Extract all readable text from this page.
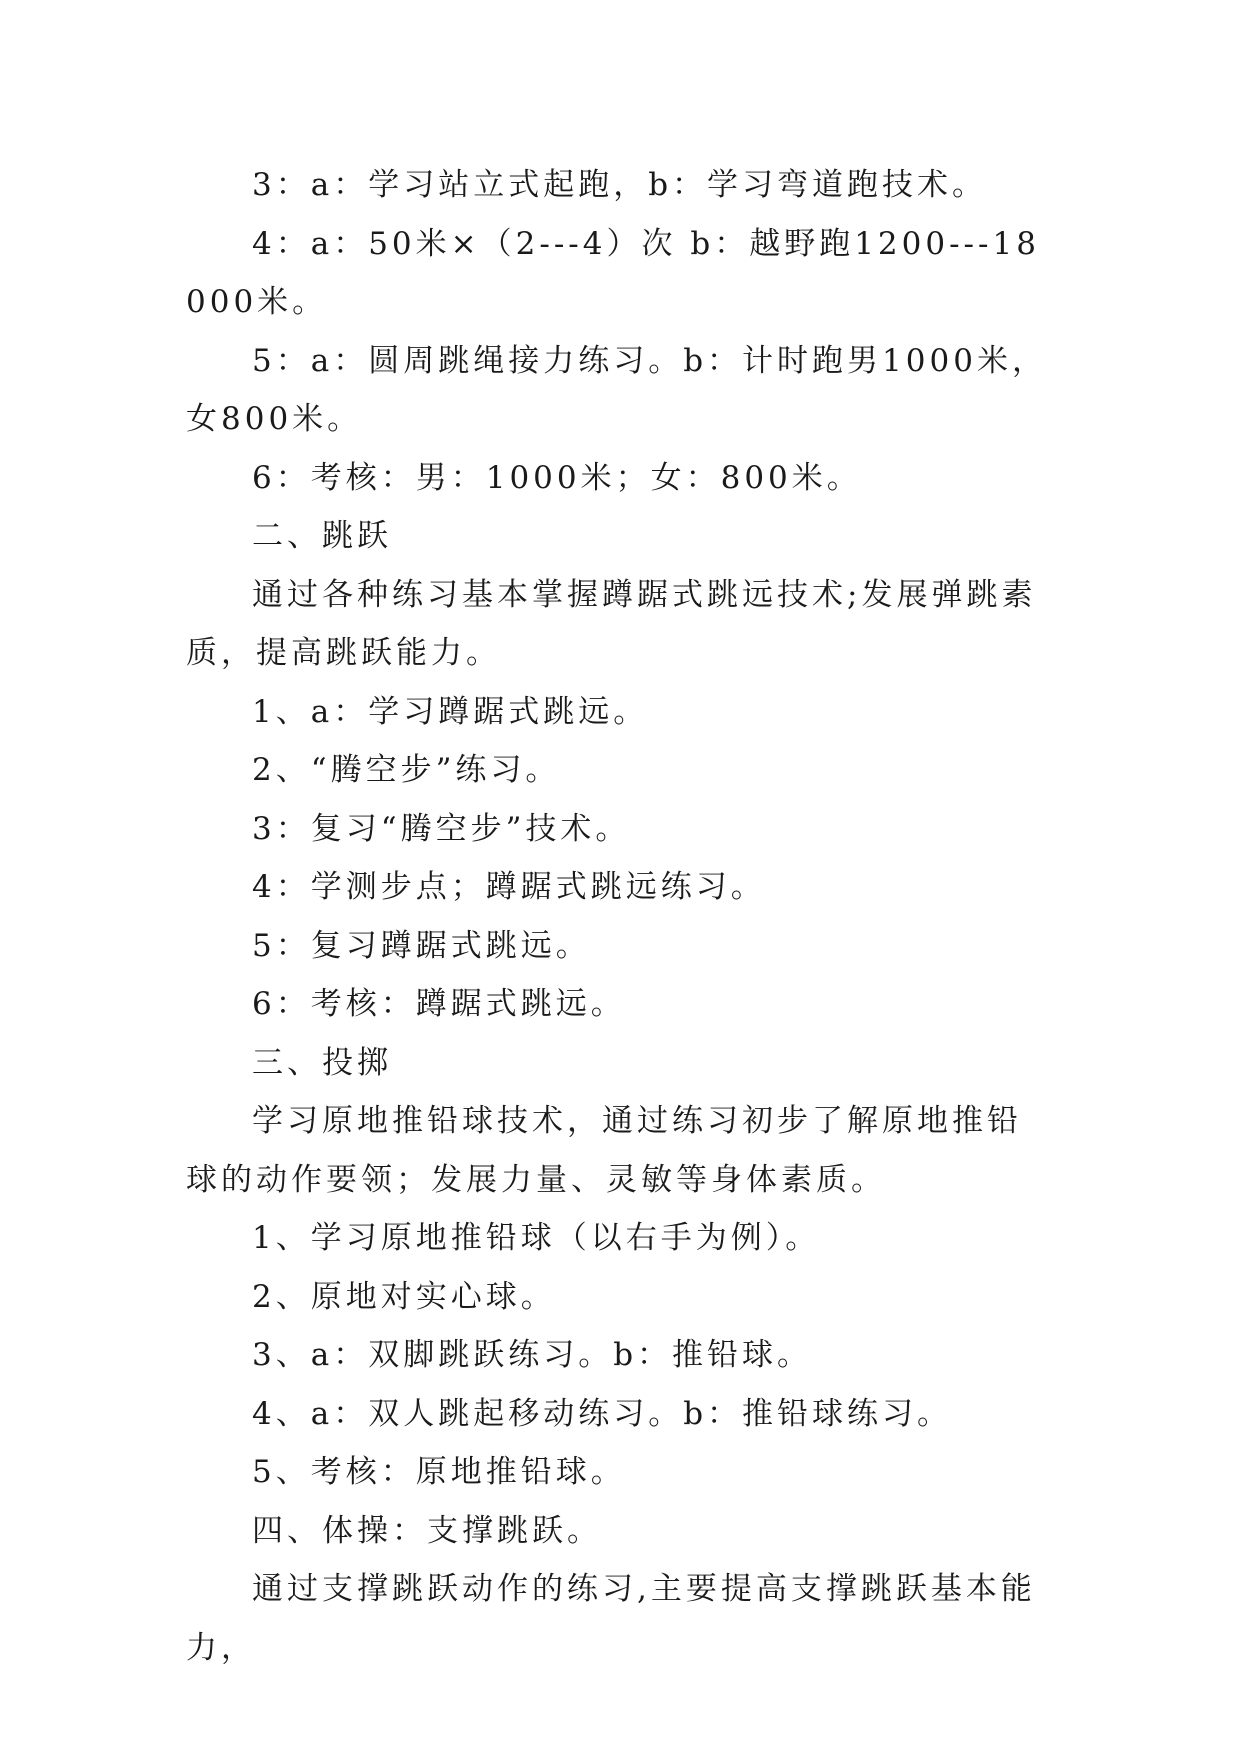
3：a：学习站立式起跑，b：学习弯道跑技术。

4：a：50米×（2---4）次 b：越野跑1200---18000米。

5：a：圆周跳绳接力练习。b：计时跑男1000米，女800米。

6：考核：男：1000米；女：800米。

二、跳跃

通过各种练习基本掌握蹲踞式跳远技术;发展弹跳素质，提高跳跃能力。

1、a：学习蹲踞式跳远。

2、“腾空步”练习。

3：复习“腾空步”技术。

4：学测步点；蹲踞式跳远练习。

5：复习蹲踞式跳远。

6：考核：蹲踞式跳远。

三、投掷

学习原地推铅球技术，通过练习初步了解原地推铅球的动作要领；发展力量、灵敏等身体素质。

1、学习原地推铅球（以右手为例）。

2、原地对实心球。

3、a：双脚跳跃练习。b：推铅球。

4、a：双人跳起移动练习。b：推铅球练习。

5、考核：原地推铅球。

四、体操：支撑跳跃。

通过支撑跳跃动作的练习,主要提高支撑跳跃基本能力，
